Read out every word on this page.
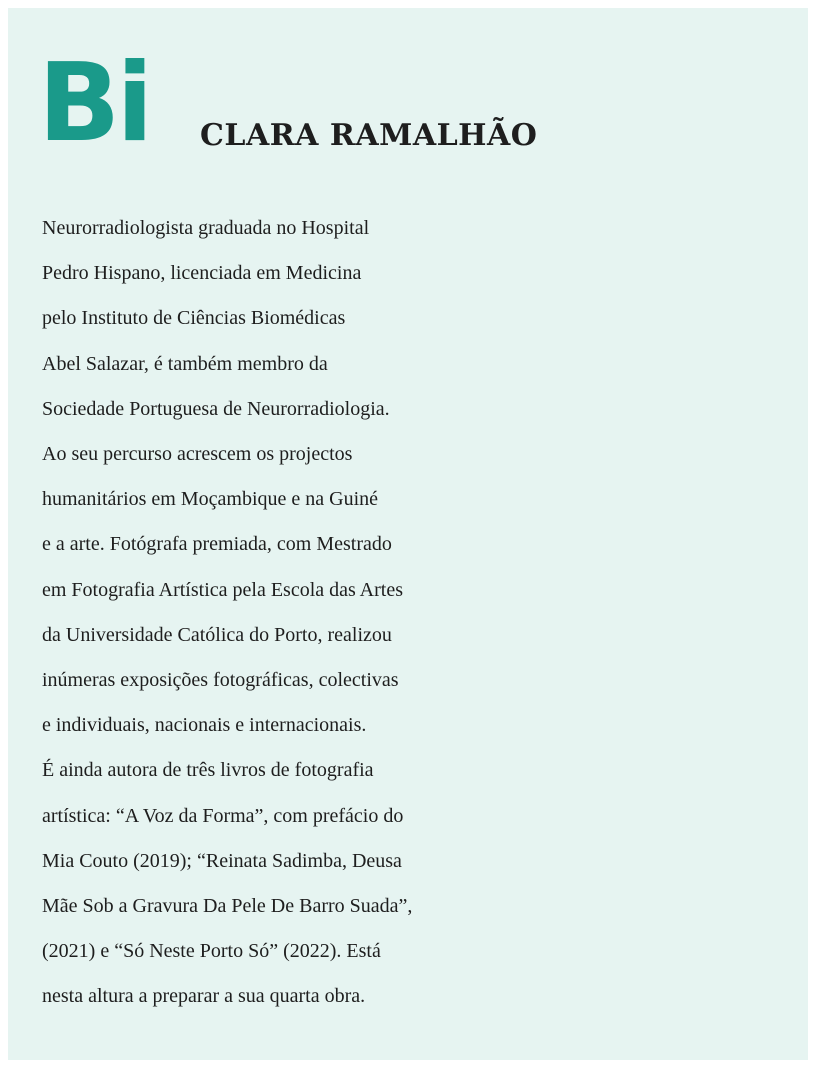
Bi CLARA RAMALHÃO
Neurorradiologista graduada no Hospital
Pedro Hispano, licenciada em Medicina
pelo Instituto de Ciências Biomédicas
Abel Salazar, é também membro da
Sociedade Portuguesa de Neurorradiologia.
Ao seu percurso acrescem os projectos
humanitários em Moçambique e na Guiné
e a arte. Fotógrafa premiada, com Mestrado
em Fotografia Artística pela Escola das Artes
da Universidade Católica do Porto, realizou
inúmeras exposições fotográficas, colectivas
e individuais, nacionais e internacionais.
É ainda autora de três livros de fotografia
artística: “A Voz da Forma”, com prefácio do
Mia Couto (2019); “Reinata Sadimba, Deusa
Mãe Sob a Gravura Da Pele De Barro Suada”,
(2021) e “Só Neste Porto Só” (2022). Está
nesta altura a preparar a sua quarta obra.
